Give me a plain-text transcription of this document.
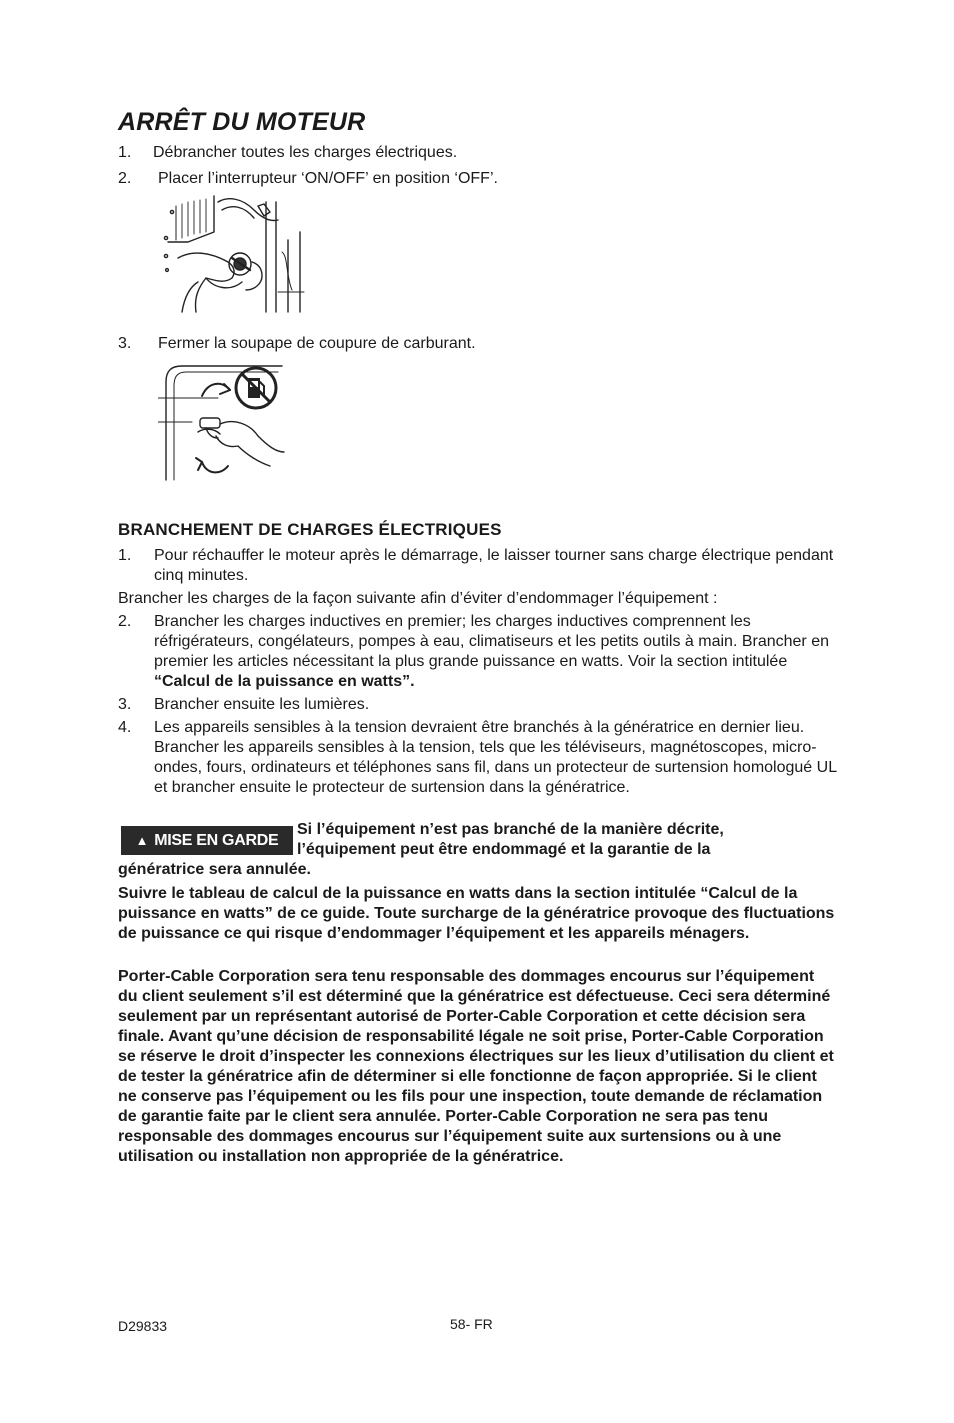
ARRÊT DU MOTEUR
1. Débrancher toutes les charges électriques.
2. Placer l’interrupteur ‘ON/OFF’ en position ‘OFF’.
3. Fermer la soupape de coupure de carburant.
BRANCHEMENT DE CHARGES ÉLECTRIQUES
1. Pour réchauffer le moteur après le démarrage, le laisser tourner sans charge électrique pendant cinq minutes.

Brancher les charges de la façon suivante afin d’éviter d’endommager l’équipement :

2. Brancher les charges inductives en premier; les charges inductives comprennent les réfrigérateurs, congélateurs, pompes à eau, climatiseurs et les petits outils à main. Brancher en premier les articles nécessitant la plus grande puissance en watts. Voir la section intitulée “Calcul de la puissance en watts”.

3. Brancher ensuite les lumières.

4. Les appareils sensibles à la tension devraient être branchés à la génératrice en dernier lieu. Brancher les appareils sensibles à la tension, tels que les téléviseurs, magnétoscopes, micro-ondes, fours, ordinateurs et téléphones sans fil, dans un protecteur de surtension homologué UL et brancher ensuite le protecteur de surtension dans la génératrice.

▲ MISE EN GARDE
Si l’équipement n’est pas branché de la manière décrite,
l’équipement peut être endommagé et la garantie de la
génératrice sera annulée.

Suivre le tableau de calcul de la puissance en watts dans la section intitulée “Calcul de la puissance en watts” de ce guide. Toute surcharge de la génératrice provoque des fluctuations de puissance ce qui risque d’endommager l’équipement et les appareils ménagers.

Porter-Cable Corporation sera tenu responsable des dommages encourus sur l’équipement du client seulement s’il est déterminé que la génératrice est défectueuse. Ceci sera déterminé seulement par un représentant autorisé de Porter-Cable Corporation et cette décision sera finale. Avant qu’une décision de responsabilité légale ne soit prise, Porter-Cable Corporation se réserve le droit d’inspecter les connexions électriques sur les lieux d’utilisation du client et de tester la génératrice afin de déterminer si elle fonctionne de façon appropriée. Si le client ne conserve pas l’équipement ou les fils pour une inspection, toute demande de réclamation de garantie faite par le client sera annulée. Porter-Cable Corporation ne sera pas tenu responsable des dommages encourus sur l’équipement suite aux surtensions ou à une utilisation ou installation non appropriée de la génératrice.

D29833	58- FR
